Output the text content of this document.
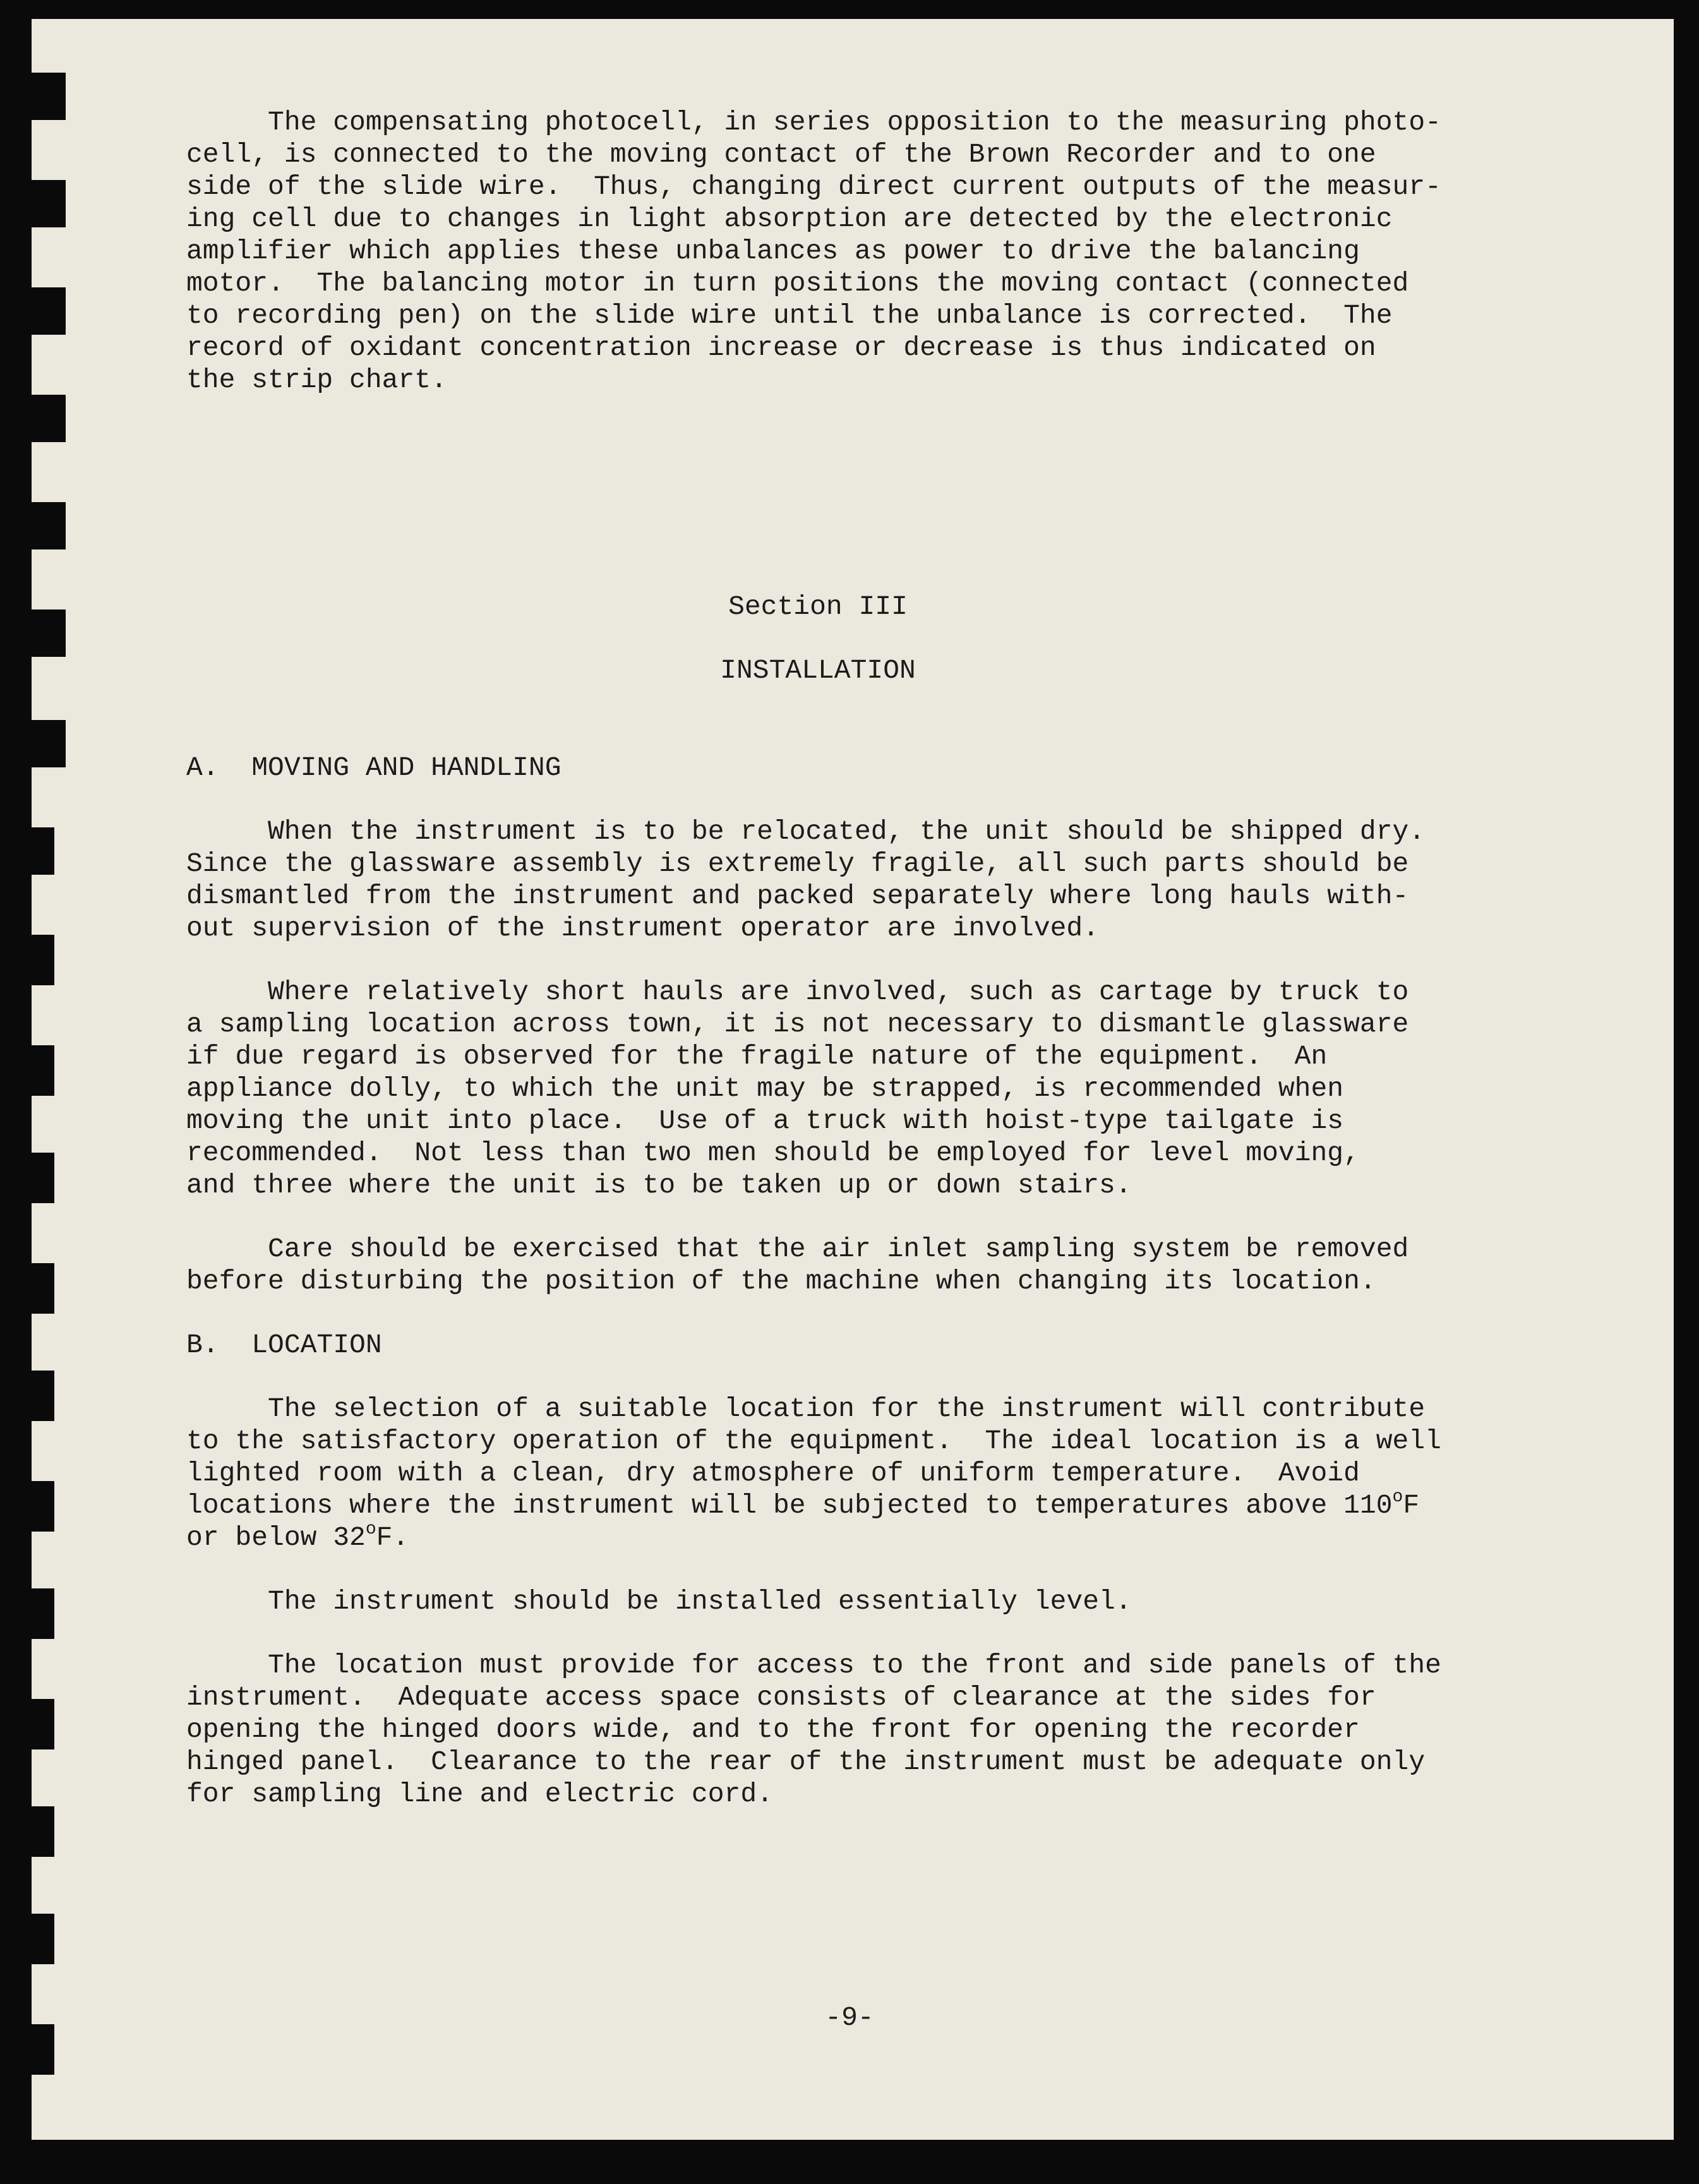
The compensating photocell, in series opposition to the measuring photo-
cell, is connected to the moving contact of the Brown Recorder and to one
side of the slide wire.  Thus, changing direct current outputs of the measur-
ing cell due to changes in light absorption are detected by the electronic
amplifier which applies these unbalances as power to drive the balancing
motor.  The balancing motor in turn positions the moving contact (connected
to recording pen) on the slide wire until the unbalance is corrected.  The
record of oxidant concentration increase or decrease is thus indicated on
the strip chart.
Section III
INSTALLATION
A.  MOVING AND HANDLING
When the instrument is to be relocated, the unit should be shipped dry.
Since the glassware assembly is extremely fragile, all such parts should be
dismantled from the instrument and packed separately where long hauls with-
out supervision of the instrument operator are involved.
Where relatively short hauls are involved, such as cartage by truck to
a sampling location across town, it is not necessary to dismantle glassware
if due regard is observed for the fragile nature of the equipment.  An
appliance dolly, to which the unit may be strapped, is recommended when
moving the unit into place.  Use of a truck with hoist-type tailgate is
recommended.  Not less than two men should be employed for level moving,
and three where the unit is to be taken up or down stairs.
Care should be exercised that the air inlet sampling system be removed
before disturbing the position of the machine when changing its location.
B.  LOCATION
The selection of a suitable location for the instrument will contribute
to the satisfactory operation of the equipment.  The ideal location is a well
lighted room with a clean, dry atmosphere of uniform temperature.  Avoid
locations where the instrument will be subjected to temperatures above 110$^o$F
or below 32$^o$F.
The instrument should be installed essentially level.
The location must provide for access to the front and side panels of the
instrument.  Adequate access space consists of clearance at the sides for
opening the hinged doors wide, and to the front for opening the recorder
hinged panel.  Clearance to the rear of the instrument must be adequate only
for sampling line and electric cord.
-9-
